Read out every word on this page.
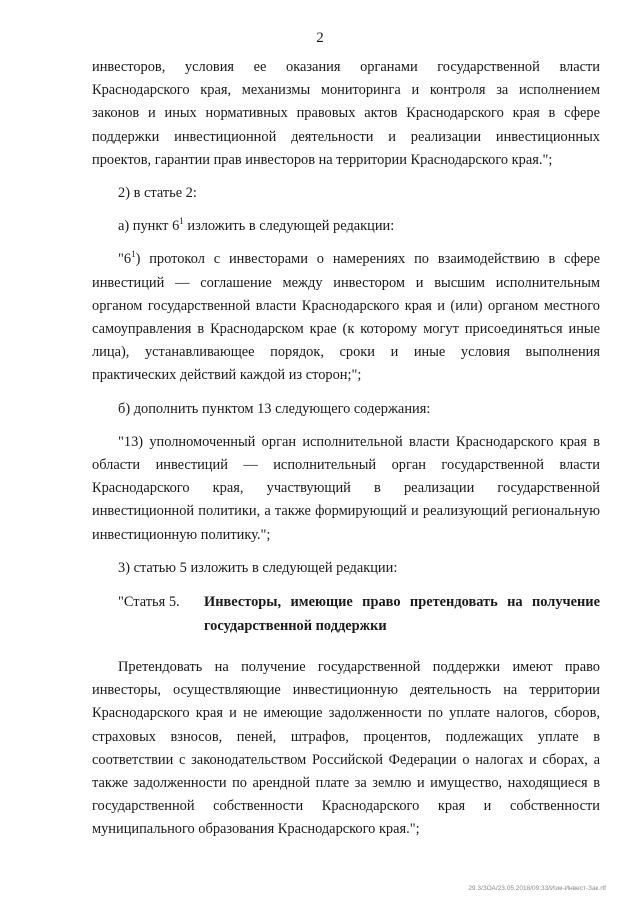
2

инвесторов, условия ее оказания органами государственной власти Краснодарского края, механизмы мониторинга и контроля за исполнением законов и иных нормативных правовых актов Краснодарского края в сфере поддержки инвестиционной деятельности и реализации инвестиционных проектов, гарантии прав инвесторов на территории Краснодарского края.";

2) в статье 2:

а) пункт $6^1$ изложить в следующей редакции:

"$6^1$) протокол с инвесторами о намерениях по взаимодействию в сфере инвестиций — соглашение между инвестором и высшим исполнительным органом государственной власти Краснодарского края и (или) органом местного самоуправления в Краснодарском крае (к которому могут присоединяться иные лица), устанавливающее порядок, сроки и иные условия выполнения практических действий каждой из сторон;";

б) дополнить пунктом 13 следующего содержания:

"13) уполномоченный орган исполнительной власти Краснодарского края в области инвестиций — исполнительный орган государственной власти Краснодарского края, участвующий в реализации государственной инвестиционной политики, а также формирующий и реализующий региональную инвестиционную политику.";

3) статью 5 изложить в следующей редакции:

"Статья 5. Инвесторы, имеющие право претендовать на получение
государственной поддержки

Претендовать на получение государственной поддержки имеют право инвесторы, осуществляющие инвестиционную деятельность на территории Краснодарского края и не имеющие задолженности по уплате налогов, сборов, страховых взносов, пеней, штрафов, процентов, подлежащих уплате в соответствии с законодательством Российской Федерации о налогах и сборах, а также задолженности по арендной плате за землю и имущество, находящиеся в государственной собственности Краснодарского края и собственности муниципального образования Краснодарского края.";

29.3/ЗОА/23.05.2018/09:33/Изм-Инвест-Зак.rtf
